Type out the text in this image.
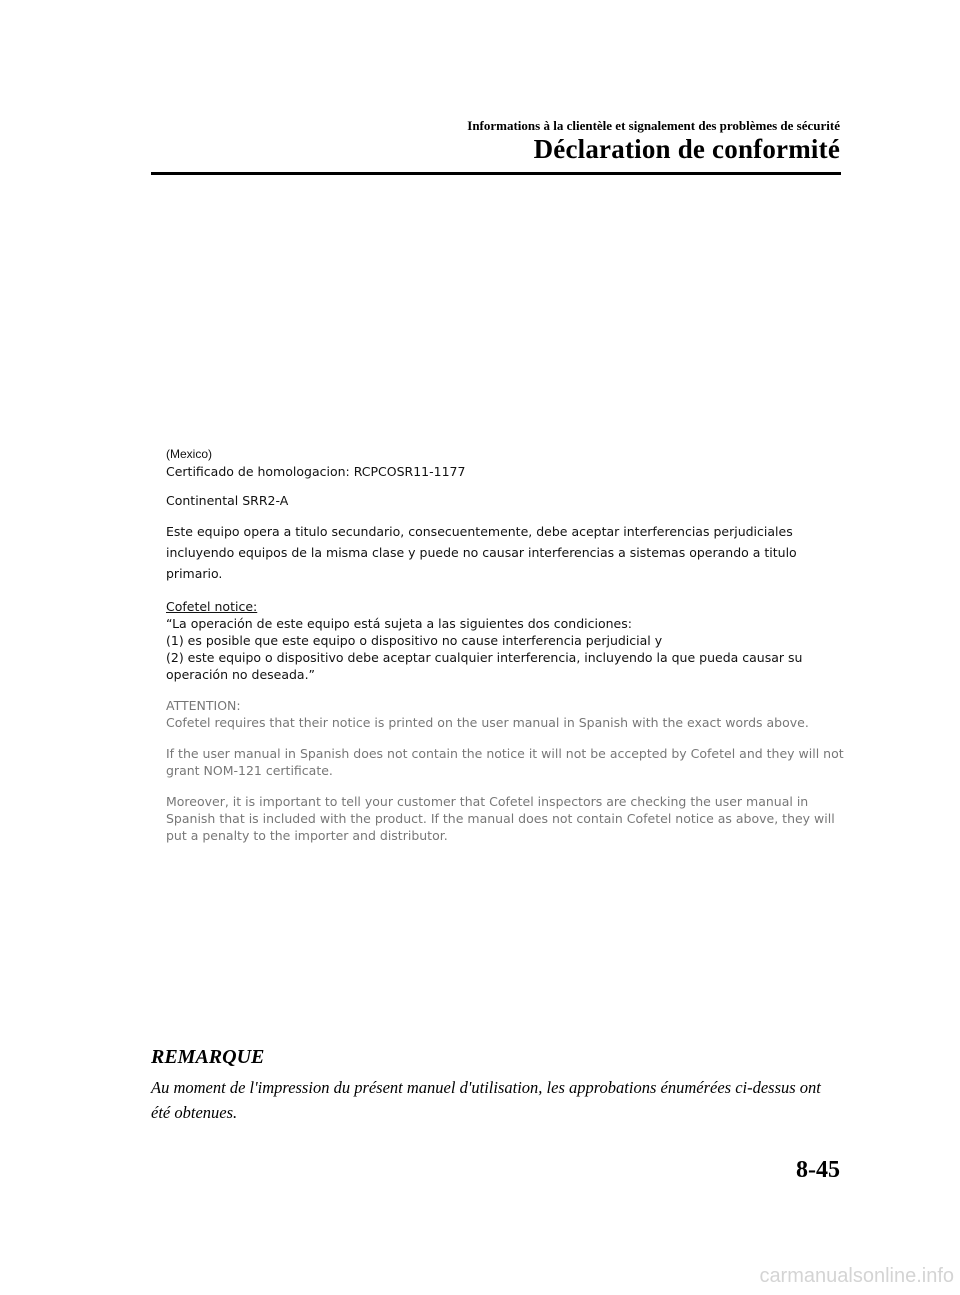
Informations à la clientèle et signalement des problèmes de sécurité
Déclaration de conformité

(Mexico)

Certificado de homologacion: RCPCOSR11-1177

Continental SRR2-A

Este equipo opera a titulo secundario, consecuentemente, debe aceptar interferencias perjudiciales incluyendo equipos de la misma clase y puede no causar interferencias a sistemas operando a titulo primario.

Cofetel notice:

“La operación de este equipo está sujeta a las siguientes dos condiciones:

(1) es posible que este equipo o dispositivo no cause interferencia perjudicial y

(2) este equipo o dispositivo debe aceptar cualquier interferencia, incluyendo la que pueda causar su operación no deseada.”

ATTENTION:

Cofetel requires that their notice is printed on the user manual in Spanish with the exact words above.

If the user manual in Spanish does not contain the notice it will not be accepted by Cofetel and they will not grant NOM-121 certificate.

Moreover, it is important to tell your customer that Cofetel inspectors are checking the user manual in Spanish that is included with the product. If the manual does not contain Cofetel notice as above, they will put a penalty to the importer and distributor.

REMARQUE
Au moment de l'impression du présent manuel d'utilisation, les approbations énumérées ci-dessus ont été obtenues.
8-45
carmanualsonline.info
